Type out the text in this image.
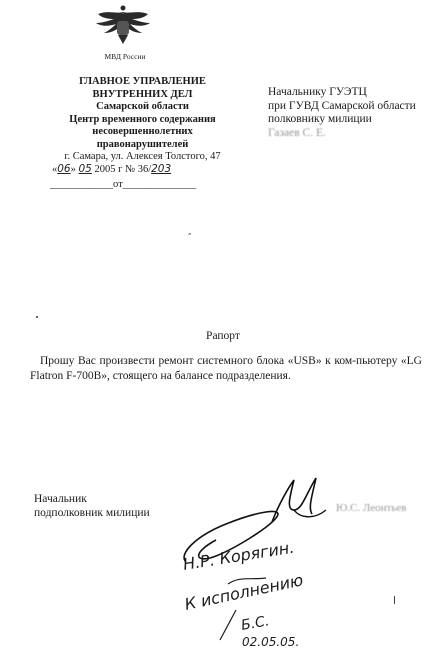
МВД России
ГЛАВНОЕ УПРАВЛЕНИЕ
ВНУТРЕННИХ ДЕЛ
Самарской области
Центр временного содержания
несовершеннолетних
правонарушителей
г. Самара, ул. Алексея Толстого, 47
«06» 05 2005 г № 36/203
____________от______________
Начальнику ГУЭТЦ
при ГУВД Самарской области
полковнику милиции
Газаев С. Е.
״
Рапорт

Прошу Вас произвести ремонт системного блока «USB» к ком-пьютеру «LG Flatron F-700B», стоящего на балансе подразделения.

Начальник
подполковник милиции	Ю.С. Леонтьев
Н.Р. Корягин.
К исполнению
Б.С.
02.05.05.
